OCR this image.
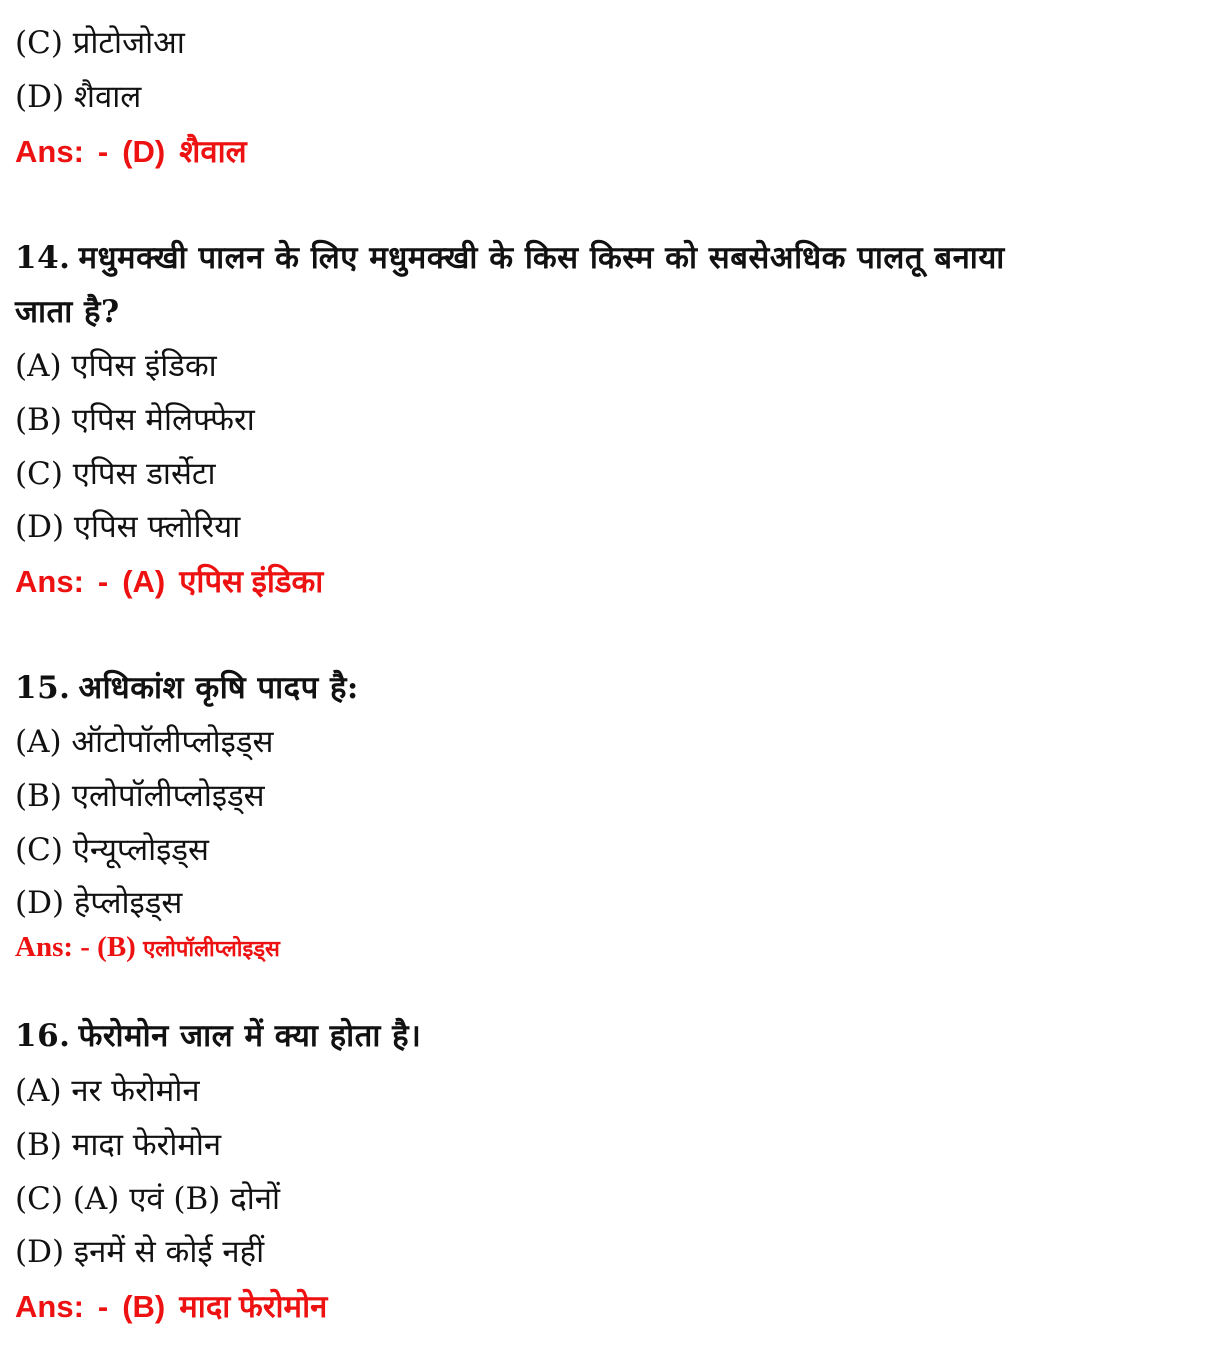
(C) प्रोटोजोआ
(D) शैवाल
Ans: - (D) शैवाल
14. मधुमक्खी पालन के लिए मधुमक्खी के किस किस्म को सबसेअधिक पालतू बनाया
जाता है?
(A) एपिस इंडिका
(B) एपिस मेलिफ्फेरा
(C) एपिस डार्सेटा
(D) एपिस फ्लोरिया
Ans: - (A) एपिस इंडिका
15. अधिकांश कृषि पादप है:
(A) ऑटोपॉलीप्लोइड्स
(B) एलोपॉलीप्लोइड्स
(C) ऐन्यूप्लोइड्स
(D) हेप्लोइड्स
Ans: - (B) एलोपॉलीप्लोइड्स
16. फेरोमोन जाल में क्या होता है।
(A) नर फेरोमोन
(B) मादा फेरोमोन
(C) (A) एवं (B) दोनों
(D) इनमें से कोई नहीं
Ans: - (B) मादा फेरोमोन
